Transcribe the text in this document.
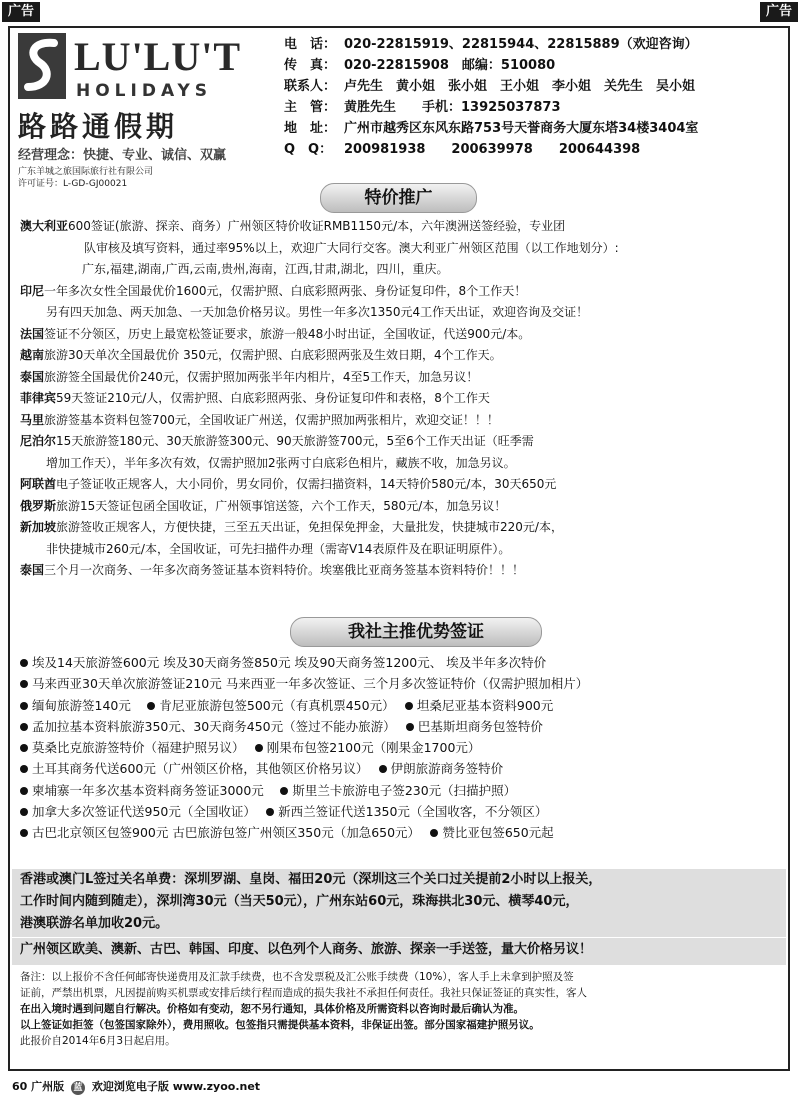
广告	广告
LU'LU'T
HOLIDAYS
路路通假期
经营理念：快捷、专业、诚信、双赢
广东羊城之旅国际旅行社有限公司
许可证号：L-GD-GJ00021
电　话： 020-22815919、22815944、22815889（欢迎咨询）
传　真： 020-22815908　邮编：510080
联系人： 卢先生　黄小姐　张小姐　王小姐　李小姐　关先生　吴小姐
主　管： 黄胜先生　　手机：13925037873
地　址： 广州市越秀区东风东路753号天誉商务大厦东塔34楼3404室
Q　Q： 200981938　　200639978　　200644398
特价推广
澳大利亚600签证(旅游、探亲、商务）广州领区特价收证RMB1150元/本，六年澳洲送签经验，专业团
队审核及填写资料，通过率95%以上，欢迎广大同行交客。澳大利亚广州领区范围（以工作地划分）:
广东,福建,湖南,广西,云南,贵州,海南，江西,甘肃,湖北，四川，重庆。
印尼一年多次女性全国最优价1600元，仅需护照、白底彩照两张、身份证复印件，8个工作天！
另有四天加急、两天加急、一天加急价格另议。男性一年多次1350元4工作天出证，欢迎咨询及交证！
法国签证不分领区，历史上最宽松签证要求，旅游一般48小时出证，全国收证，代送900元/本。
越南旅游30天单次全国最优价 350元，仅需护照、白底彩照两张及生效日期，4个工作天。
泰国旅游签全国最优价240元，仅需护照加两张半年内相片，4至5工作天，加急另议！
菲律宾59天签证210元/人，仅需护照、白底彩照两张、身份证复印件和表格，8个工作天
马里旅游签基本资料包签700元，全国收证广州送，仅需护照加两张相片，欢迎交证！！！
尼泊尔15天旅游签180元、30天旅游签300元、90天旅游签700元，5至6个工作天出证（旺季需
增加工作天），半年多次有效，仅需护照加2张两寸白底彩色相片，藏族不收，加急另议。
阿联酋电子签证收正规客人，大小同价，男女同价，仅需扫描资料，14天特价580元/本，30天650元
俄罗斯旅游15天签证包函全国收证，广州领事馆送签，六个工作天，580元/本，加急另议！
新加坡旅游签收正规客人，方便快捷，三至五天出证，免担保免押金，大量批发，快捷城市220元/本，
非快捷城市260元/本，全国收证，可先扫描件办理（需寄V14表原件及在职证明原件）。
泰国三个月一次商务、一年多次商务签证基本资料特价。埃塞俄比亚商务签基本资料特价！！！
我社主推优势签证
埃及14天旅游签600元 埃及30天商务签850元 埃及90天商务签1200元、 埃及半年多次特价
马来西亚30天单次旅游签证210元 马来西亚一年多次签证、三个月多次签证特价（仅需护照加相片）
缅甸旅游签140元　 肯尼亚旅游包签500元（有真机票450元）　 坦桑尼亚基本资料900元
孟加拉基本资料旅游350元、30天商务450元（签过不能办旅游）　 巴基斯坦商务包签特价
莫桑比克旅游签特价（福建护照另议）　 刚果布包签2100元（刚果金1700元）
土耳其商务代送600元（广州领区价格，其他领区价格另议）　 伊朗旅游商务签特价
柬埔寨一年多次基本资料商务签证3000元　 斯里兰卡旅游电子签230元（扫描护照）
加拿大多次签证代送950元（全国收证）　 新西兰签证代送1350元（全国收客，不分领区）
古巴北京领区包签900元 古巴旅游包签广州领区350元（加急650元）　 赞比亚包签650元起
香港或澳门L签过关名单费：深圳罗湖、皇岗、福田20元（深圳这三个关口过关提前2小时以上报关，
工作时间内随到随走），深圳湾30元（当天50元），广州东站60元，珠海拱北30元、横琴40元，
港澳联游名单加收20元。
广州领区欧美、澳新、古巴、韩国、印度、以色列个人商务、旅游、探亲一手送签，量大价格另议！
备注：以上报价不含任何邮寄快递费用及汇款手续费，也不含发票税及汇公账手续费（10%），客人手上未拿到护照及签
证前，严禁出机票，凡因提前购买机票或安排后续行程而造成的损失我社不承担任何责任。我社只保证签证的真实性，客人
在出入境时遇到问题自行解决。价格如有变动，恕不另行通知，具体价格及所需资料以咨询时最后确认为准。
以上签证如拒签（包签国家除外），费用照收。包签指只需提供基本资料，非保证出签。部分国家福建护照另议。
此报价自2014年6月3日起启用。
60 广州版 蓝 欢迎浏览电子版 www.zyoo.net
